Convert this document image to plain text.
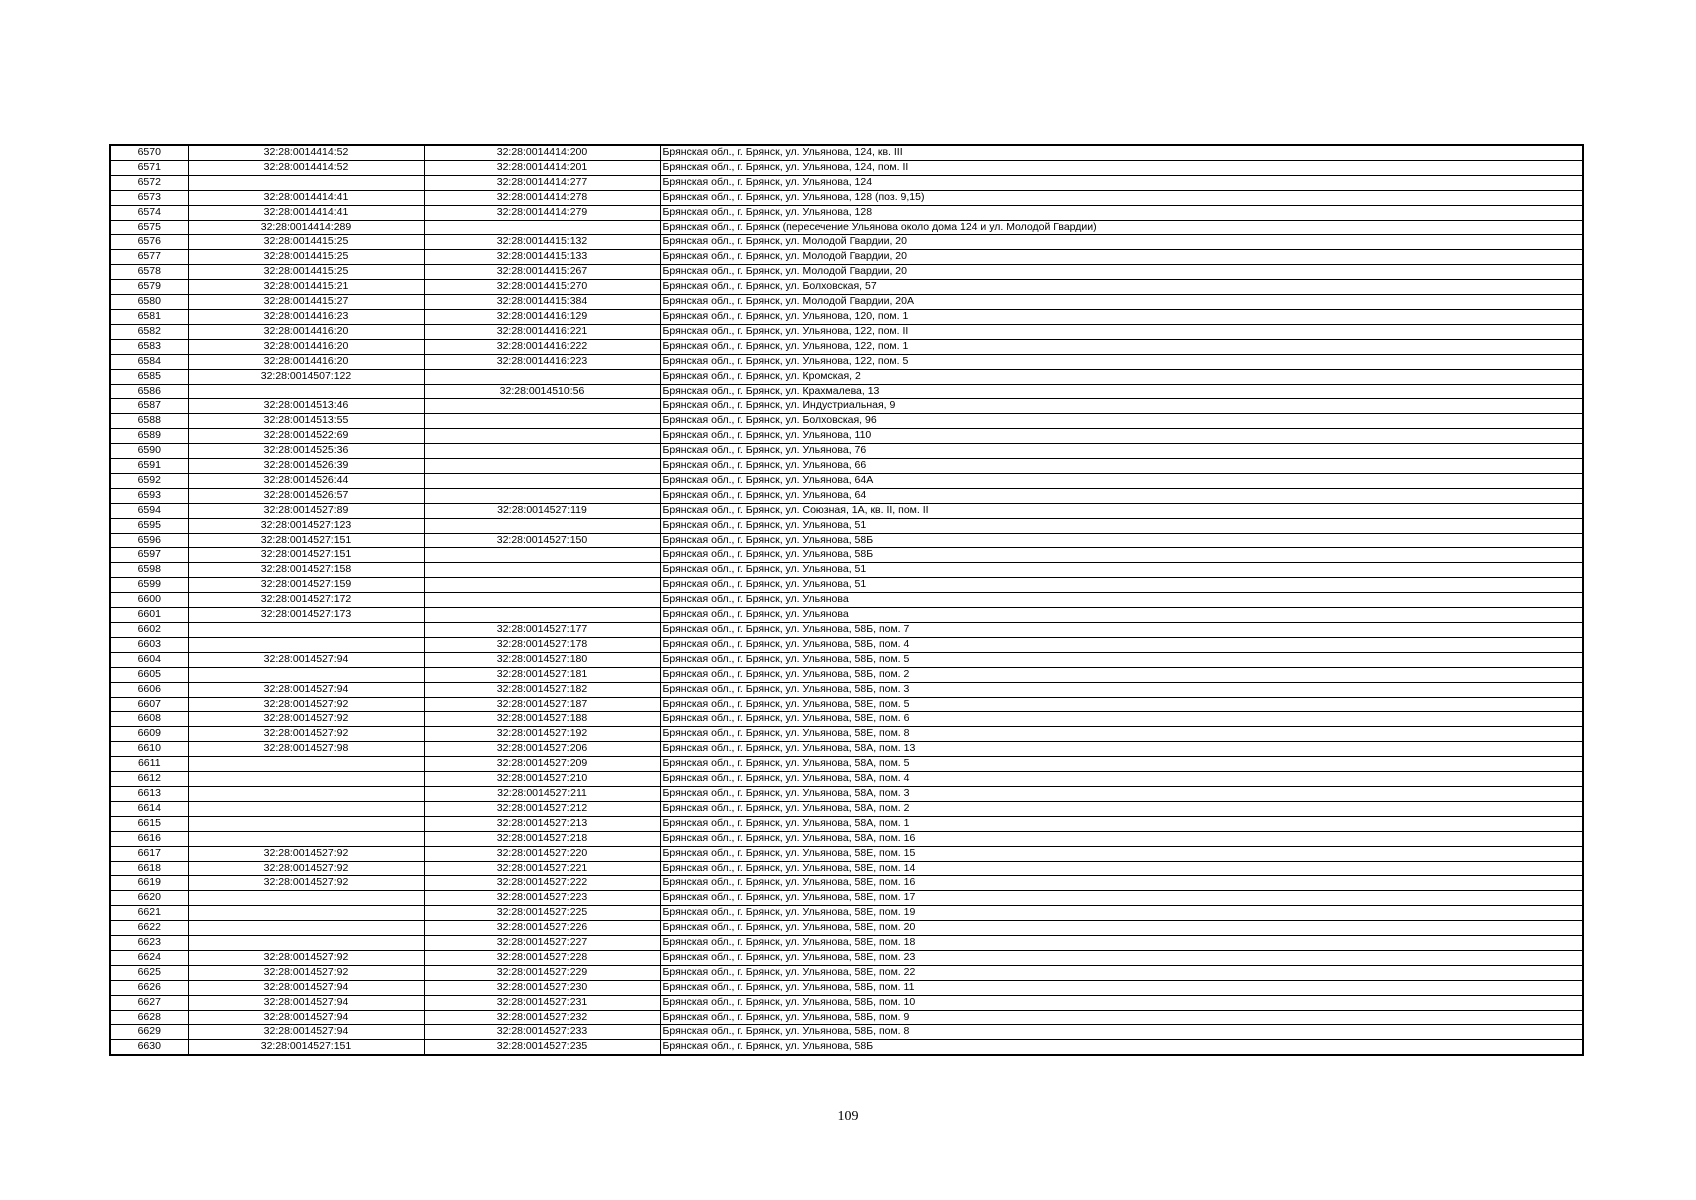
6570	32:28:0014414:52	32:28:0014414:200	Брянская обл., г. Брянск, ул. Ульянова, 124, кв. III
6571	32:28:0014414:52	32:28:0014414:201	Брянская обл., г. Брянск, ул. Ульянова, 124, пом. II
6572		32:28:0014414:277	Брянская обл., г. Брянск, ул. Ульянова, 124
6573	32:28:0014414:41	32:28:0014414:278	Брянская обл., г. Брянск, ул. Ульянова, 128 (поз. 9,15)
6574	32:28:0014414:41	32:28:0014414:279	Брянская обл., г. Брянск, ул. Ульянова, 128
6575	32:28:0014414:289		Брянская обл., г. Брянск (пересечение Ульянова около дома 124 и ул. Молодой Гвардии)
6576	32:28:0014415:25	32:28:0014415:132	Брянская обл., г. Брянск, ул. Молодой Гвардии, 20
6577	32:28:0014415:25	32:28:0014415:133	Брянская обл., г. Брянск, ул. Молодой Гвардии, 20
6578	32:28:0014415:25	32:28:0014415:267	Брянская обл., г. Брянск, ул. Молодой Гвардии, 20
6579	32:28:0014415:21	32:28:0014415:270	Брянская обл., г. Брянск, ул. Болховская, 57
6580	32:28:0014415:27	32:28:0014415:384	Брянская обл., г. Брянск, ул. Молодой Гвардии, 20А
6581	32:28:0014416:23	32:28:0014416:129	Брянская обл., г. Брянск, ул. Ульянова, 120, пом. 1
6582	32:28:0014416:20	32:28:0014416:221	Брянская обл., г. Брянск, ул. Ульянова, 122, пом. II
6583	32:28:0014416:20	32:28:0014416:222	Брянская обл., г. Брянск, ул. Ульянова, 122, пом. 1
6584	32:28:0014416:20	32:28:0014416:223	Брянская обл., г. Брянск, ул. Ульянова, 122, пом. 5
6585	32:28:0014507:122		Брянская обл., г. Брянск, ул. Кромская, 2
6586		32:28:0014510:56	Брянская обл., г. Брянск, ул. Крахмалева, 13
6587	32:28:0014513:46		Брянская обл., г. Брянск, ул. Индустриальная, 9
6588	32:28:0014513:55		Брянская обл., г. Брянск, ул. Болховская, 96
6589	32:28:0014522:69		Брянская обл., г. Брянск, ул. Ульянова, 110
6590	32:28:0014525:36		Брянская обл., г. Брянск, ул. Ульянова, 76
6591	32:28:0014526:39		Брянская обл., г. Брянск, ул. Ульянова, 66
6592	32:28:0014526:44		Брянская обл., г. Брянск, ул. Ульянова, 64А
6593	32:28:0014526:57		Брянская обл., г. Брянск, ул. Ульянова, 64
6594	32:28:0014527:89	32:28:0014527:119	Брянская обл., г. Брянск, ул. Союзная, 1А, кв. II, пом. II
6595	32:28:0014527:123		Брянская обл., г. Брянск, ул. Ульянова, 51
6596	32:28:0014527:151	32:28:0014527:150	Брянская обл., г. Брянск, ул. Ульянова, 58Б
6597	32:28:0014527:151		Брянская обл., г. Брянск, ул. Ульянова, 58Б
6598	32:28:0014527:158		Брянская обл., г. Брянск, ул. Ульянова, 51
6599	32:28:0014527:159		Брянская обл., г. Брянск, ул. Ульянова, 51
6600	32:28:0014527:172		Брянская обл., г. Брянск, ул. Ульянова
6601	32:28:0014527:173		Брянская обл., г. Брянск, ул. Ульянова
6602		32:28:0014527:177	Брянская обл., г. Брянск, ул. Ульянова, 58Б, пом. 7
6603		32:28:0014527:178	Брянская обл., г. Брянск, ул. Ульянова, 58Б, пом. 4
6604	32:28:0014527:94	32:28:0014527:180	Брянская обл., г. Брянск, ул. Ульянова, 58Б, пом. 5
6605		32:28:0014527:181	Брянская обл., г. Брянск, ул. Ульянова, 58Б, пом. 2
6606	32:28:0014527:94	32:28:0014527:182	Брянская обл., г. Брянск, ул. Ульянова, 58Б, пом. 3
6607	32:28:0014527:92	32:28:0014527:187	Брянская обл., г. Брянск, ул. Ульянова, 58Е, пом. 5
6608	32:28:0014527:92	32:28:0014527:188	Брянская обл., г. Брянск, ул. Ульянова, 58Е, пом. 6
6609	32:28:0014527:92	32:28:0014527:192	Брянская обл., г. Брянск, ул. Ульянова, 58Е, пом. 8
6610	32:28:0014527:98	32:28:0014527:206	Брянская обл., г. Брянск, ул. Ульянова, 58А, пом. 13
6611		32:28:0014527:209	Брянская обл., г. Брянск, ул. Ульянова, 58А, пом. 5
6612		32:28:0014527:210	Брянская обл., г. Брянск, ул. Ульянова, 58А, пом. 4
6613		32:28:0014527:211	Брянская обл., г. Брянск, ул. Ульянова, 58А, пом. 3
6614		32:28:0014527:212	Брянская обл., г. Брянск, ул. Ульянова, 58А, пом. 2
6615		32:28:0014527:213	Брянская обл., г. Брянск, ул. Ульянова, 58А, пом. 1
6616		32:28:0014527:218	Брянская обл., г. Брянск, ул. Ульянова, 58А, пом. 16
6617	32:28:0014527:92	32:28:0014527:220	Брянская обл., г. Брянск, ул. Ульянова, 58Е, пом. 15
6618	32:28:0014527:92	32:28:0014527:221	Брянская обл., г. Брянск, ул. Ульянова, 58Е, пом. 14
6619	32:28:0014527:92	32:28:0014527:222	Брянская обл., г. Брянск, ул. Ульянова, 58Е, пом. 16
6620		32:28:0014527:223	Брянская обл., г. Брянск, ул. Ульянова, 58Е, пом. 17
6621		32:28:0014527:225	Брянская обл., г. Брянск, ул. Ульянова, 58Е, пом. 19
6622		32:28:0014527:226	Брянская обл., г. Брянск, ул. Ульянова, 58Е, пом. 20
6623		32:28:0014527:227	Брянская обл., г. Брянск, ул. Ульянова, 58Е, пом. 18
6624	32:28:0014527:92	32:28:0014527:228	Брянская обл., г. Брянск, ул. Ульянова, 58Е, пом. 23
6625	32:28:0014527:92	32:28:0014527:229	Брянская обл., г. Брянск, ул. Ульянова, 58Е, пом. 22
6626	32:28:0014527:94	32:28:0014527:230	Брянская обл., г. Брянск, ул. Ульянова, 58Б, пом. 11
6627	32:28:0014527:94	32:28:0014527:231	Брянская обл., г. Брянск, ул. Ульянова, 58Б, пом. 10
6628	32:28:0014527:94	32:28:0014527:232	Брянская обл., г. Брянск, ул. Ульянова, 58Б, пом. 9
6629	32:28:0014527:94	32:28:0014527:233	Брянская обл., г. Брянск, ул. Ульянова, 58Б, пом. 8
6630	32:28:0014527:151	32:28:0014527:235	Брянская обл., г. Брянск, ул. Ульянова, 58Б
109
